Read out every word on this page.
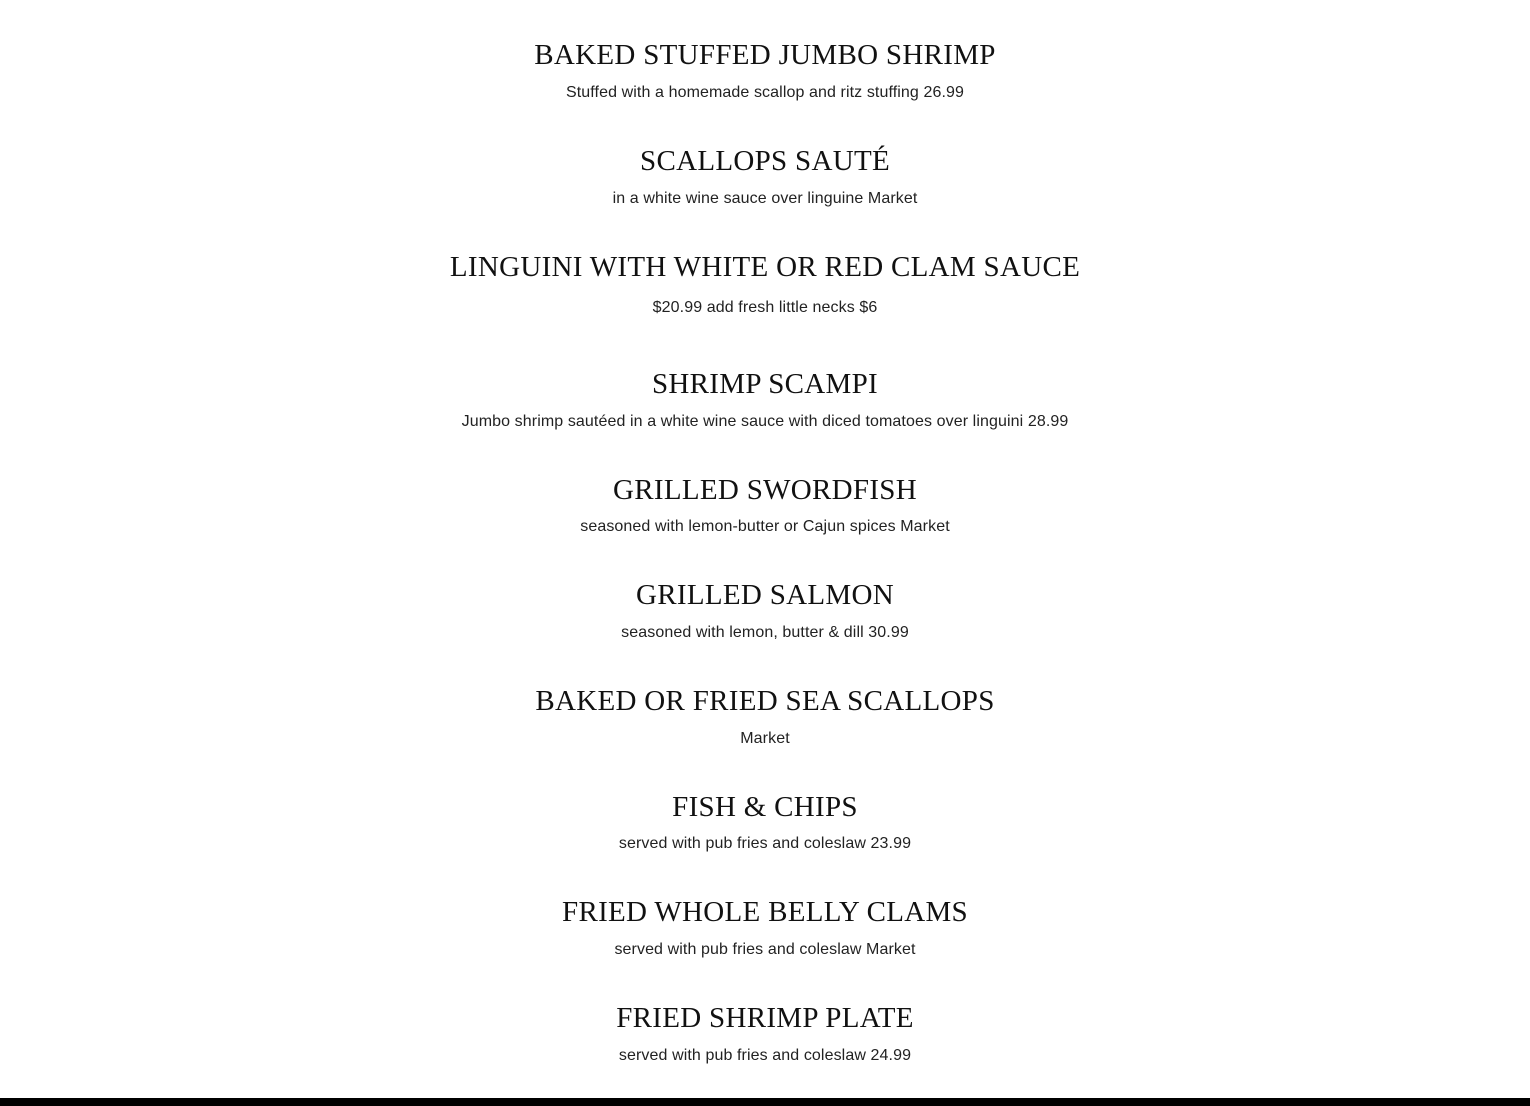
BAKED STUFFED JUMBO SHRIMP

Stuffed with a homemade scallop and ritz stuffing 26.99

SCALLOPS SAUTÉ

in a white wine sauce over linguine Market

LINGUINI WITH WHITE OR RED CLAM SAUCE

$20.99 add fresh little necks $6

SHRIMP SCAMPI

Jumbo shrimp sautéed in a white wine sauce with diced tomatoes over linguini 28.99

GRILLED SWORDFISH

seasoned with lemon-butter or Cajun spices Market

GRILLED SALMON

seasoned with lemon, butter & dill 30.99

BAKED OR FRIED SEA SCALLOPS

Market

FISH & CHIPS

served with pub fries and coleslaw 23.99

FRIED WHOLE BELLY CLAMS

served with pub fries and coleslaw Market

FRIED SHRIMP PLATE

served with pub fries and coleslaw 24.99
